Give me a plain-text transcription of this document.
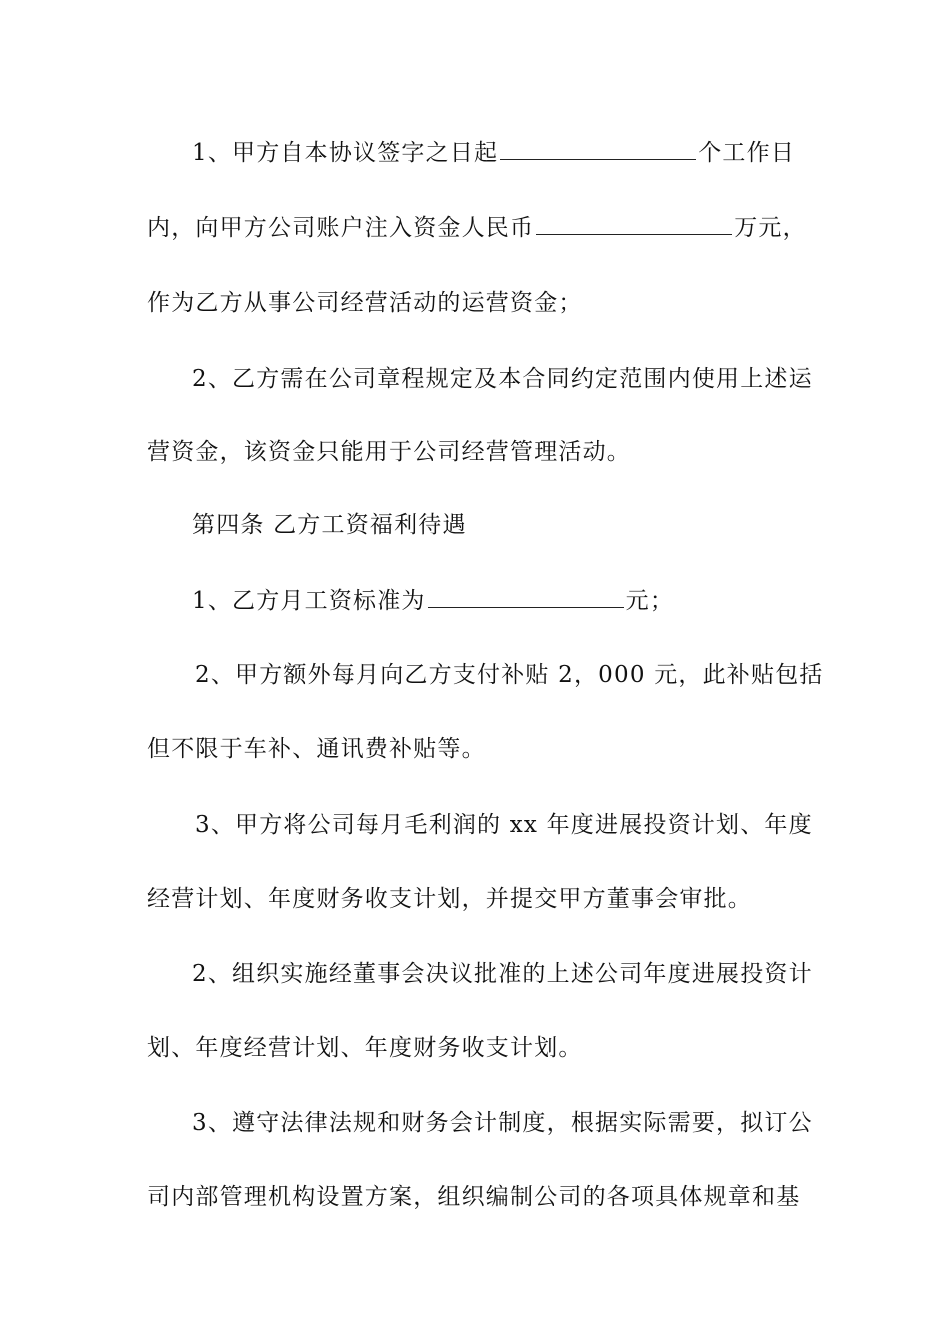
1、甲方自本协议签字之日起	个工作日
内，向甲方公司账户注入资金人民币	万元，
作为乙方从事公司经营活动的运营资金；
2、乙方需在公司章程规定及本合同约定范围内使用上述运
营资金，该资金只能用于公司经营管理活动。
第四条 乙方工资福利待遇
1、乙方月工资标准为	元；
2、甲方额外每月向乙方支付补贴 2，000 元，此补贴包括
但不限于车补、通讯费补贴等。
3、甲方将公司每月毛利润的 xx 年度进展投资计划、年度
经营计划、年度财务收支计划，并提交甲方董事会审批。
2、组织实施经董事会决议批准的上述公司年度进展投资计
划、年度经营计划、年度财务收支计划。
3、遵守法律法规和财务会计制度，根据实际需要，拟订公
司内部管理机构设置方案，组织编制公司的各项具体规章和基
